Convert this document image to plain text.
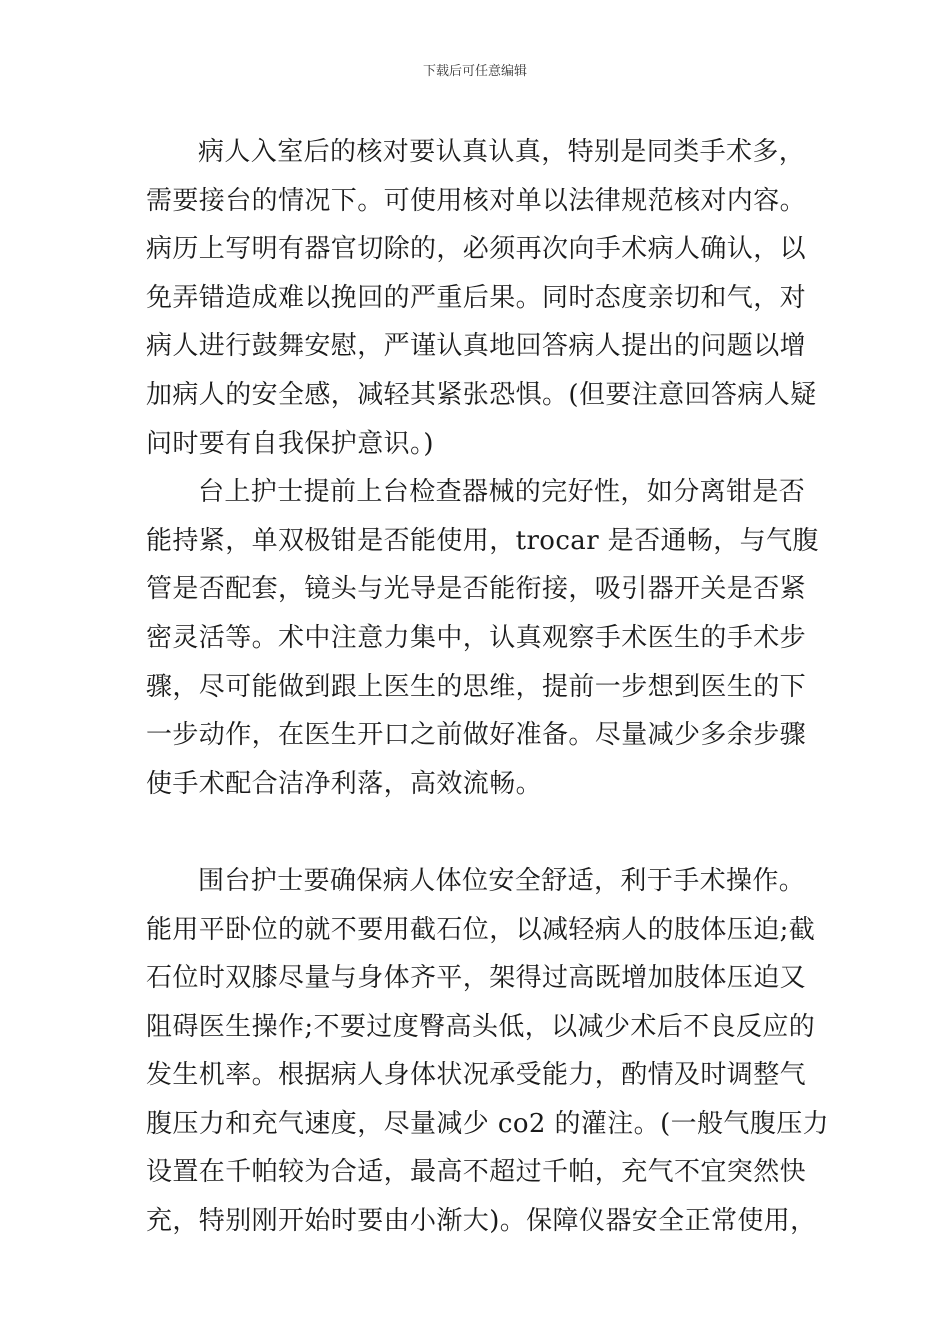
下载后可任意编辑
病人入室后的核对要认真认真，特别是同类手术多，
需要接台的情况下。可使用核对单以法律规范核对内容。
病历上写明有器官切除的，必须再次向手术病人确认，以
免弄错造成难以挽回的严重后果。同时态度亲切和气，对
病人进行鼓舞安慰，严谨认真地回答病人提出的问题以增
加病人的安全感，减轻其紧张恐惧。(但要注意回答病人疑
问时要有自我保护意识。)
台上护士提前上台检查器械的完好性，如分离钳是否
能持紧，单双极钳是否能使用，trocar 是否通畅，与气腹
管是否配套，镜头与光导是否能衔接，吸引器开关是否紧
密灵活等。术中注意力集中，认真观察手术医生的手术步
骤，尽可能做到跟上医生的思维，提前一步想到医生的下
一步动作，在医生开口之前做好准备。尽量减少多余步骤
使手术配合洁净利落，高效流畅。
围台护士要确保病人体位安全舒适，利于手术操作。
能用平卧位的就不要用截石位，以减轻病人的肢体压迫;截
石位时双膝尽量与身体齐平，架得过高既增加肢体压迫又
阻碍医生操作;不要过度臀高头低，以减少术后不良反应的
发生机率。根据病人身体状况承受能力，酌情及时调整气
腹压力和充气速度，尽量减少 co2 的灌注。(一般气腹压力
设置在千帕较为合适，最高不超过千帕，充气不宜突然快
充，特别刚开始时要由小渐大)。保障仪器安全正常使用，
